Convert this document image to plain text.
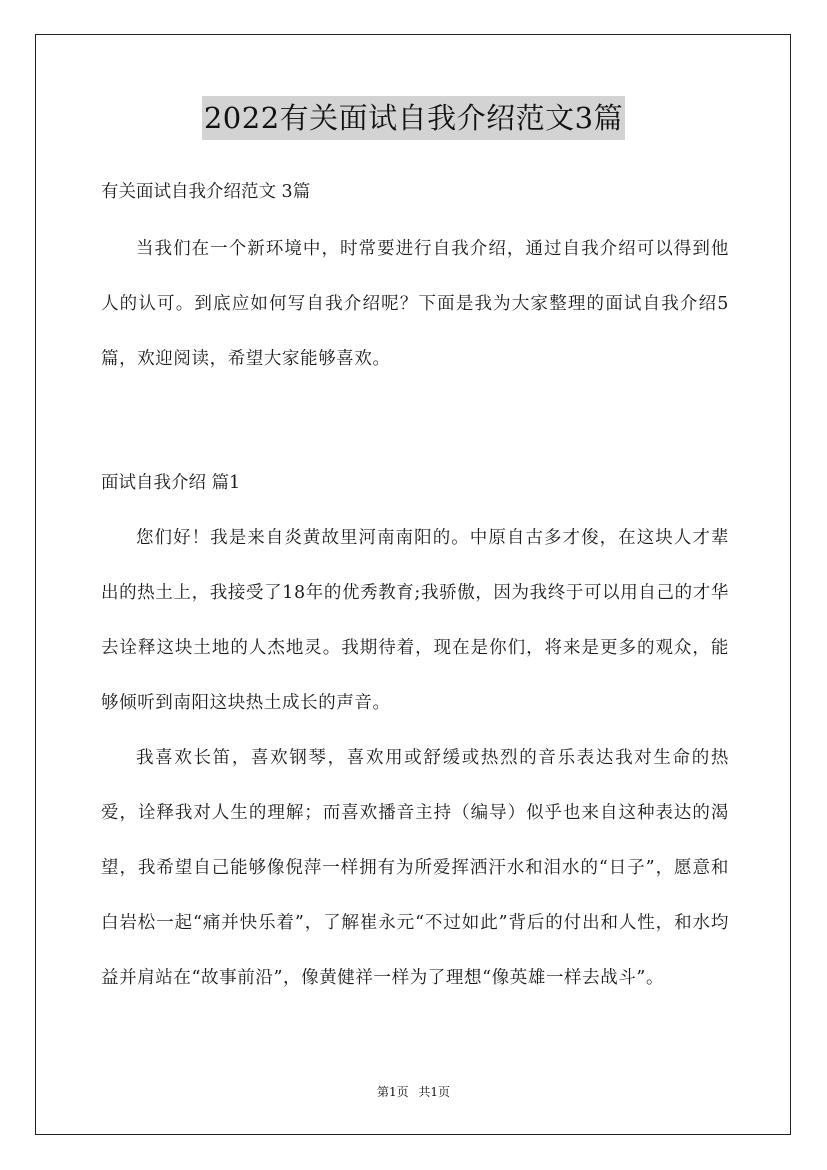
2022有关面试自我介绍范文3篇

有关面试自我介绍范文 3篇

当我们在一个新环境中，时常要进行自我介绍，通过自我介绍可以得到他人的认可。到底应如何写自我介绍呢？下面是我为大家整理的面试自我介绍5篇，欢迎阅读，希望大家能够喜欢。

面试自我介绍 篇1

您们好！我是来自炎黄故里河南南阳的。中原自古多才俊，在这块人才辈出的热土上，我接受了18年的优秀教育;我骄傲，因为我终于可以用自己的才华去诠释这块土地的人杰地灵。我期待着，现在是你们，将来是更多的观众，能够倾听到南阳这块热土成长的声音。

我喜欢长笛，喜欢钢琴，喜欢用或舒缓或热烈的音乐表达我对生命的热爱，诠释我对人生的理解；而喜欢播音主持（编导）似乎也来自这种表达的渴望，我希望自己能够像倪萍一样拥有为所爱挥洒汗水和泪水的“日子”，愿意和白岩松一起“痛并快乐着”，了解崔永元“不过如此”背后的付出和人性，和水均益并肩站在“故事前沿”，像黄健祥一样为了理想“像英雄一样去战斗”。

第1页 共1页
